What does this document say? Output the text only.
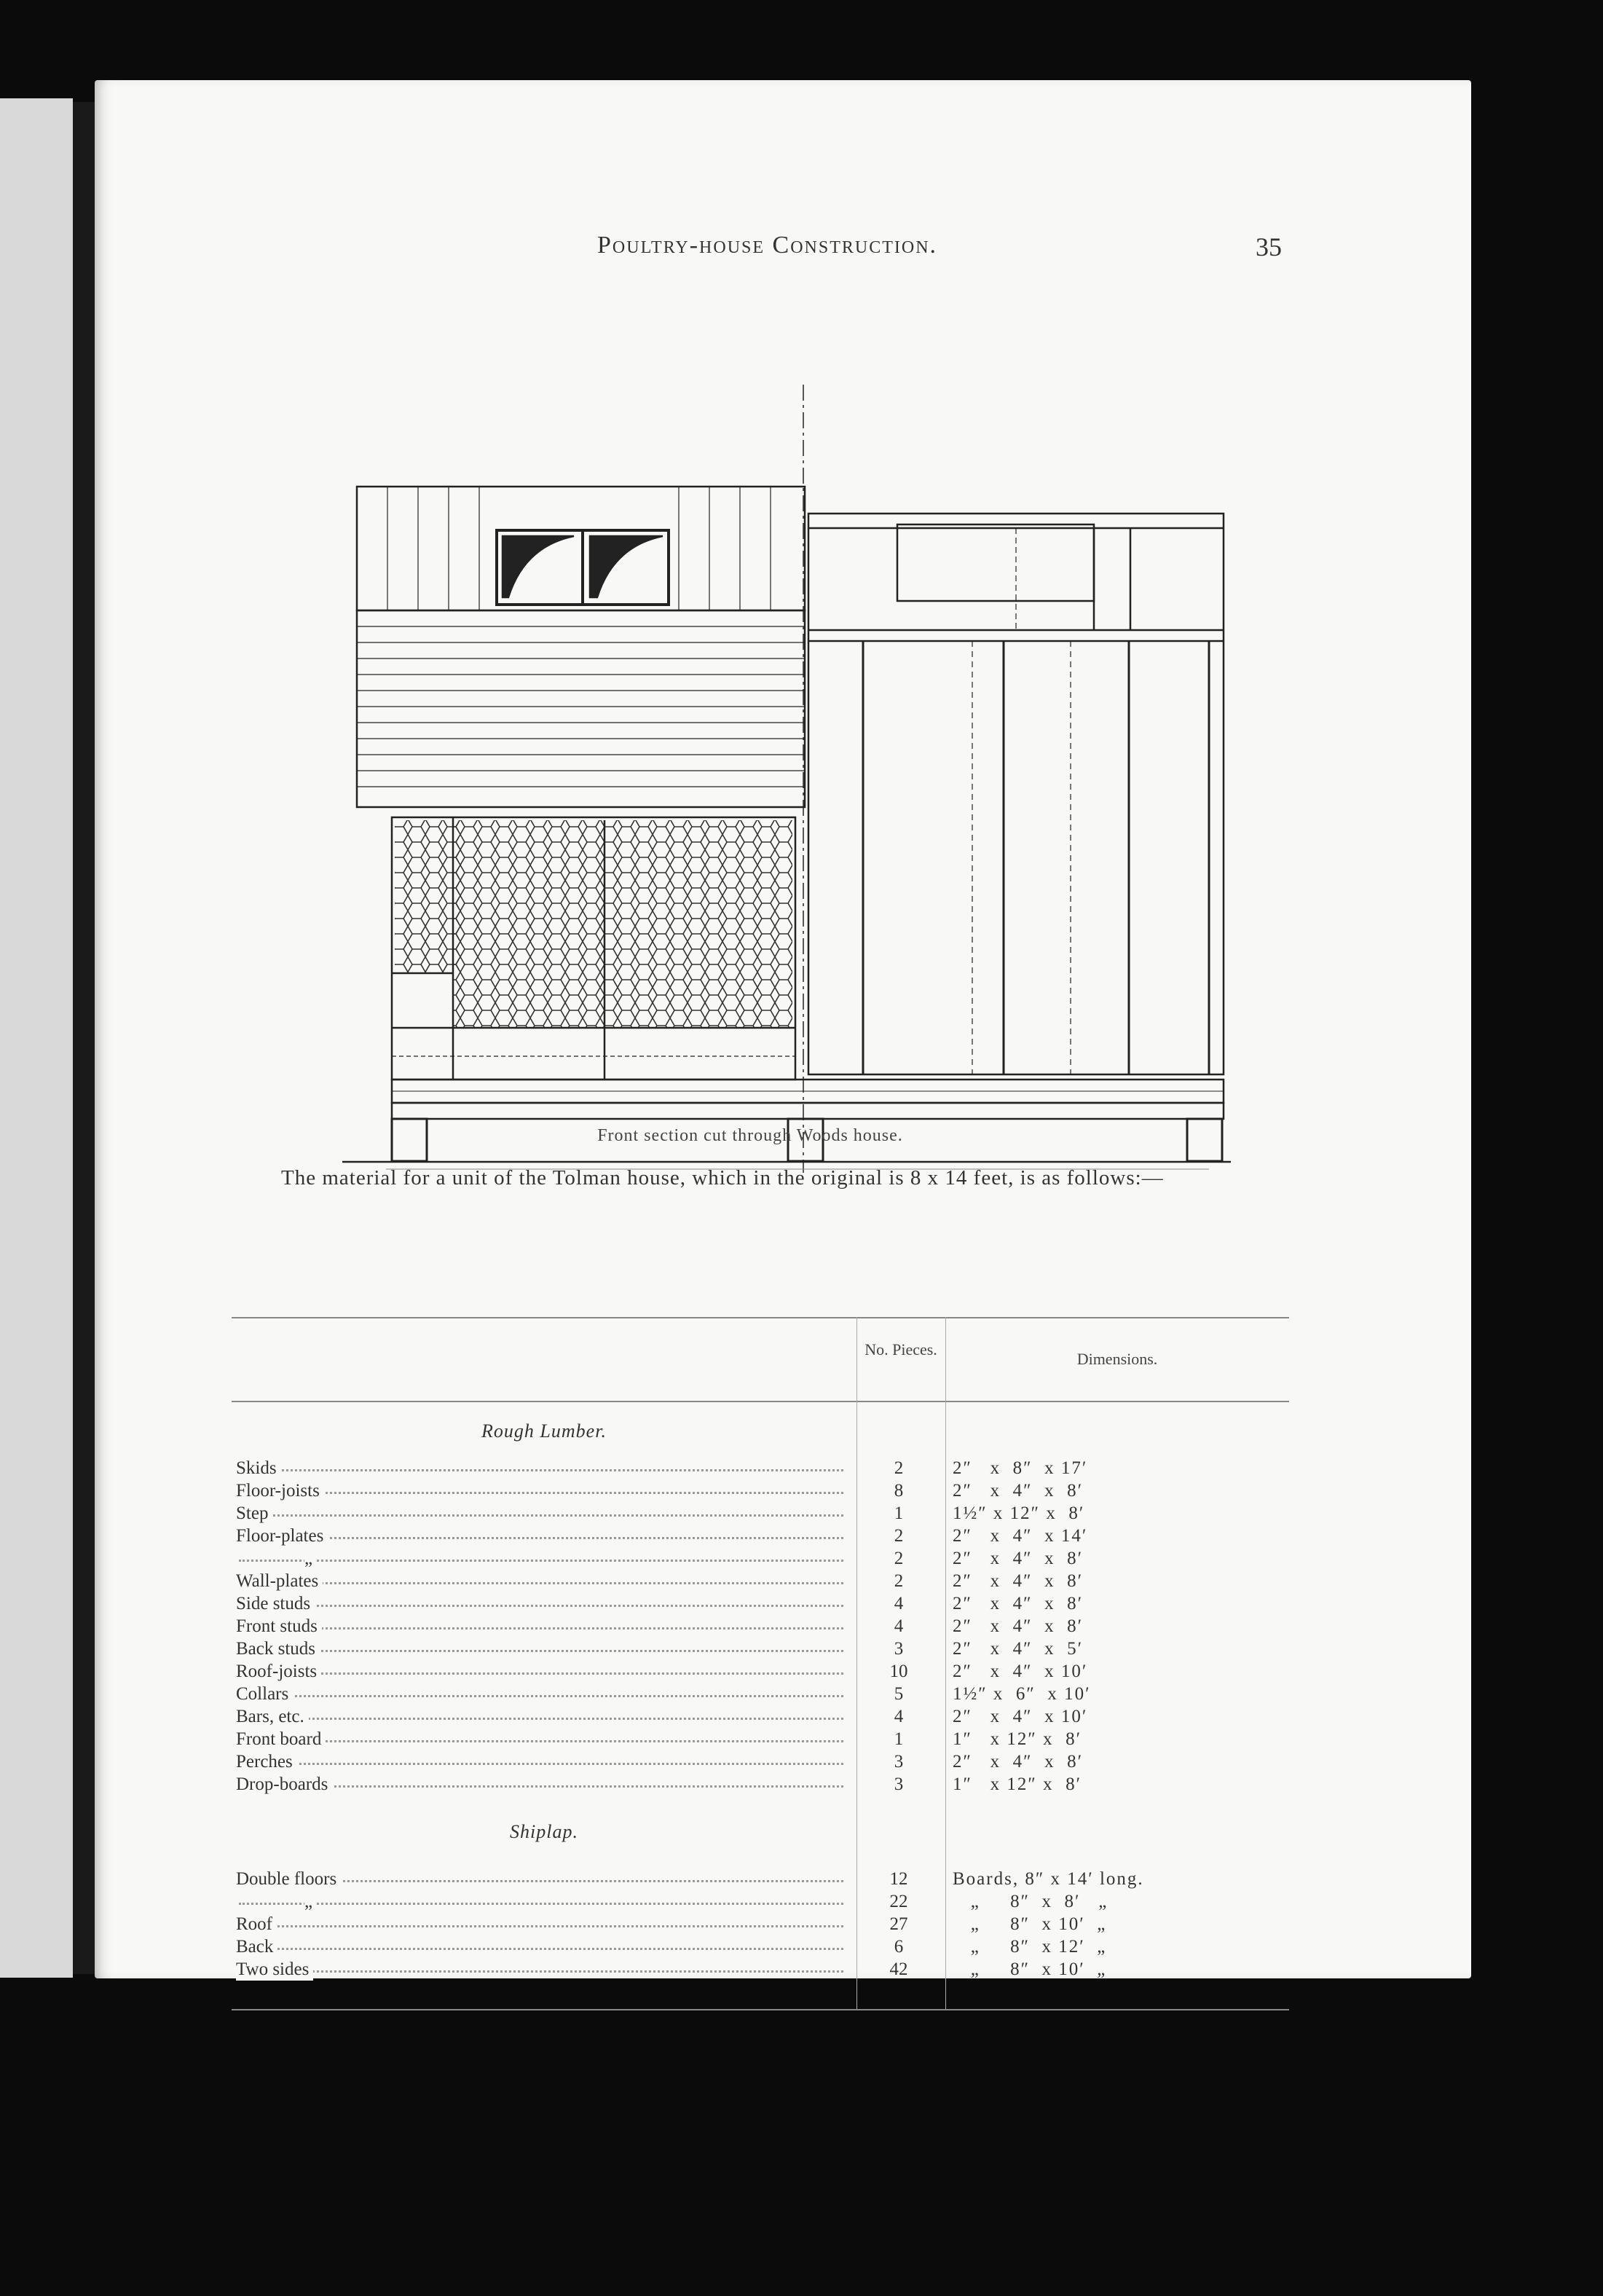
Poultry-house Construction.	35
Front section cut through Woods house.
The material for a unit of the Tolman house, which in the original is 8 x 14 feet, is as follows:—
No. Pieces.
Dimensions.
Rough Lumber.
Skids	2	2″   x  8″  x 17′
Floor-joists	8	2″   x  4″  x  8′
Step	1	1½″ x 12″ x  8′
Floor-plates	2	2″   x  4″  x 14′
„	2	2″   x  4″  x  8′
Wall-plates	2	2″   x  4″  x  8′
Side studs	4	2″   x  4″  x  8′
Front studs	4	2″   x  4″  x  8′
Back studs	3	2″   x  4″  x  5′
Roof-joists	10	2″   x  4″  x 10′
Collars	5	1½″ x  6″  x 10′
Bars, etc.	4	2″   x  4″  x 10′
Front board	1	1″   x 12″ x  8′
Perches	3	2″   x  4″  x  8′
Drop-boards	3	1″   x 12″ x  8′
Shiplap.
Double floors	12	Boards, 8″ x 14′ long.
„	22	„     8″  x  8′   „
Roof	27	„     8″  x 10′  „
Back	6	„     8″  x 12′  „
Two sides	42	„     8″  x 10′  „
